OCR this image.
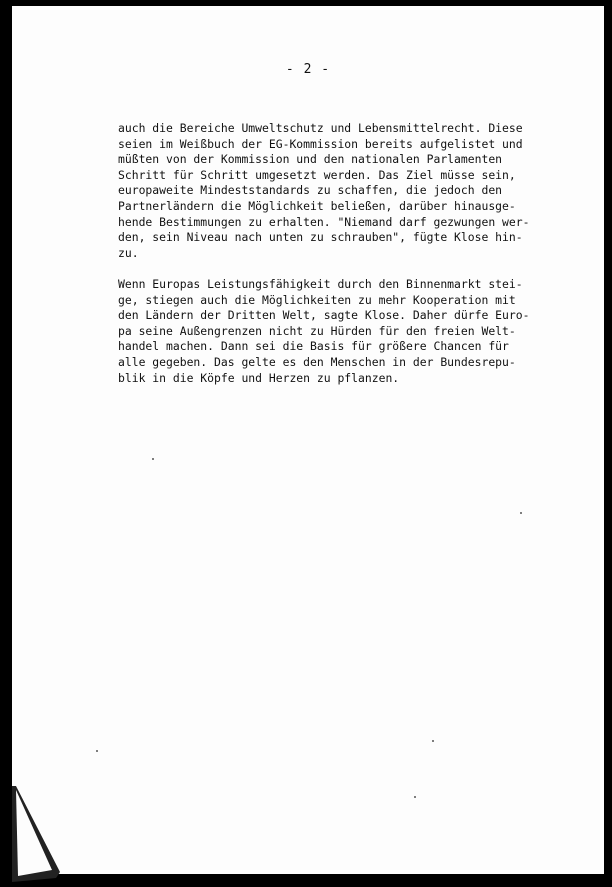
- 2 -
auch die Bereiche Umweltschutz und Lebensmittelrecht. Diese
seien im Weißbuch der EG-Kommission bereits aufgelistet und
müßten von der Kommission und den nationalen Parlamenten
Schritt für Schritt umgesetzt werden. Das Ziel müsse sein,
europaweite Mindeststandards zu schaffen, die jedoch den
Partnerländern die Möglichkeit beließen, darüber hinausge-
hende Bestimmungen zu erhalten. "Niemand darf gezwungen wer-
den, sein Niveau nach unten zu schrauben", fügte Klose hin-
zu.
Wenn Europas Leistungsfähigkeit durch den Binnenmarkt stei-
ge, stiegen auch die Möglichkeiten zu mehr Kooperation mit
den Ländern der Dritten Welt, sagte Klose. Daher dürfe Euro-
pa seine Außengrenzen nicht zu Hürden für den freien Welt-
handel machen. Dann sei die Basis für größere Chancen für
alle gegeben. Das gelte es den Menschen in der Bundesrepu-
blik in die Köpfe und Herzen zu pflanzen.
